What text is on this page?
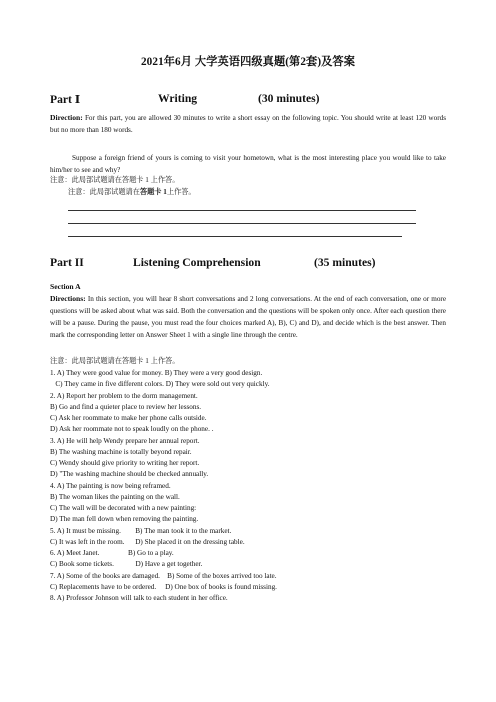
2021年6月 大学英语四级真题(第2套)及答案
Part Ⅰ	Writing	(30 minutes)
Direction: For this part, you are allowed 30 minutes to write a short essay on the following topic. You should write at least 120 words but no more than 180 words.
Suppose a foreign friend of yours is coming to visit your hometown, what is the most interesting place you would like to take him/her to see and why?
注意：此局部试题请在答题卡 1 上作答。
注意：此局部试题请在答题卡 1上作答。
Part II	Listening Comprehension	(35 minutes)
Section A
Directions: In this section, you will hear 8 short conversations and 2 long conversations. At the end of each conversation, one or more questions will be asked about what was said. Both the conversation and the questions will be spoken only once. After each question there will be a pause. During the pause, you must read the four choices marked A), B), C) and D), and decide which is the best answer. Then mark the corresponding letter on Answer Sheet 1 with a single line through the centre.
注意：此局部试题请在答题卡 1 上作答。
1. A) They were good value for money. B) They were a very good design.
C) They came in five different colors. D) They were sold out very quickly.
2. A) Report her problem to the dorm management.
B) Go and find a quieter place to review her lessons.
C) Ask her roommate to make her phone calls outside.
D) Ask her roommate not to speak loudly on the phone. .
3. A) He will help Wendy prepare her annual report.
B) The washing machine is totally beyond repair.
C) Wendy should give priority to writing her report.
D) "The washing machine should be checked annually.
4. A) The painting is now being reframed.
B) The woman likes the painting on the wall.
C) The wall will be decorated with a new painting:
D) The man fell down when removing the painting.
5. A) It must be missing.        B) The man took it to the market.
C) It was left in the room.      D) She placed it on the dressing table.
6. A) Meet Janet.                B) Go to a play.
C) Book some tickets.            D) Have a get together.
7. A) Some of the books are damaged.    B) Some of the boxes arrived too late.
C) Replacements have to be ordered.     D) One box of books is found missing.
8. A) Professor Johnson will talk to each student in her office.
